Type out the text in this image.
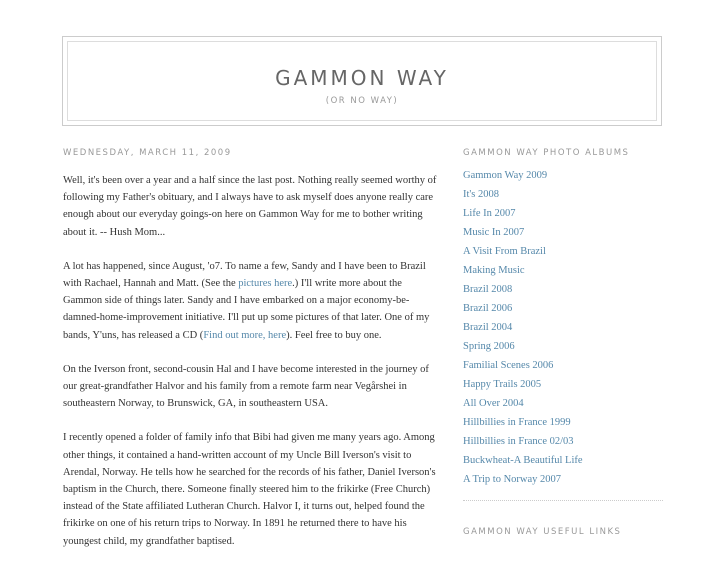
GAMMON WAY
(OR NO WAY)
WEDNESDAY, MARCH 11, 2009

Well, it's been over a year and a half since the last post. Nothing really seemed worthy of following my Father's obituary, and I always have to ask myself does anyone really care enough about our everyday goings-on here on Gammon Way for me to bother writing about it. -- Hush Mom...

A lot has happened, since August, 'o7. To name a few, Sandy and I have been to Brazil with Rachael, Hannah and Matt. (See the pictures here.) I'll write more about the Gammon side of things later. Sandy and I have embarked on a major economy-be-damned-home-improvement initiative. I'll put up some pictures of that later. One of my bands, Y'uns, has released a CD (Find out more, here). Feel free to buy one.

On the Iverson front, second-cousin Hal and I have become interested in the journey of our great-grandfather Halvor and his family from a remote farm near Vegårshei in southeastern Norway, to Brunswick, GA, in southeastern USA.

I recently opened a folder of family info that Bibi had given me many years ago. Among other things, it contained a hand-written account of my Uncle Bill Iverson's visit to Arendal, Norway. He tells how he searched for the records of his father, Daniel Iverson's baptism in the Church, there. Someone finally steered him to the frikirke (Free Church) instead of the State affiliated Lutheran Church. Halvor I, it turns out, helped found the frikirke on one of his return trips to Norway. In 1891 he returned there to have his youngest child, my grandfather baptised.

GAMMON WAY PHOTO ALBUMS
Gammon Way 2009
It's 2008
Life In 2007
Music In 2007
A Visit From Brazil
Making Music
Brazil 2008
Brazil 2006
Brazil 2004
Spring 2006
Familial Scenes 2006
Happy Trails 2005
All Over 2004
Hillbillies in France 1999
Hillbillies in France 02/03
Buckwheat-A Beautiful Life
A Trip to Norway 2007
GAMMON WAY USEFUL LINKS
